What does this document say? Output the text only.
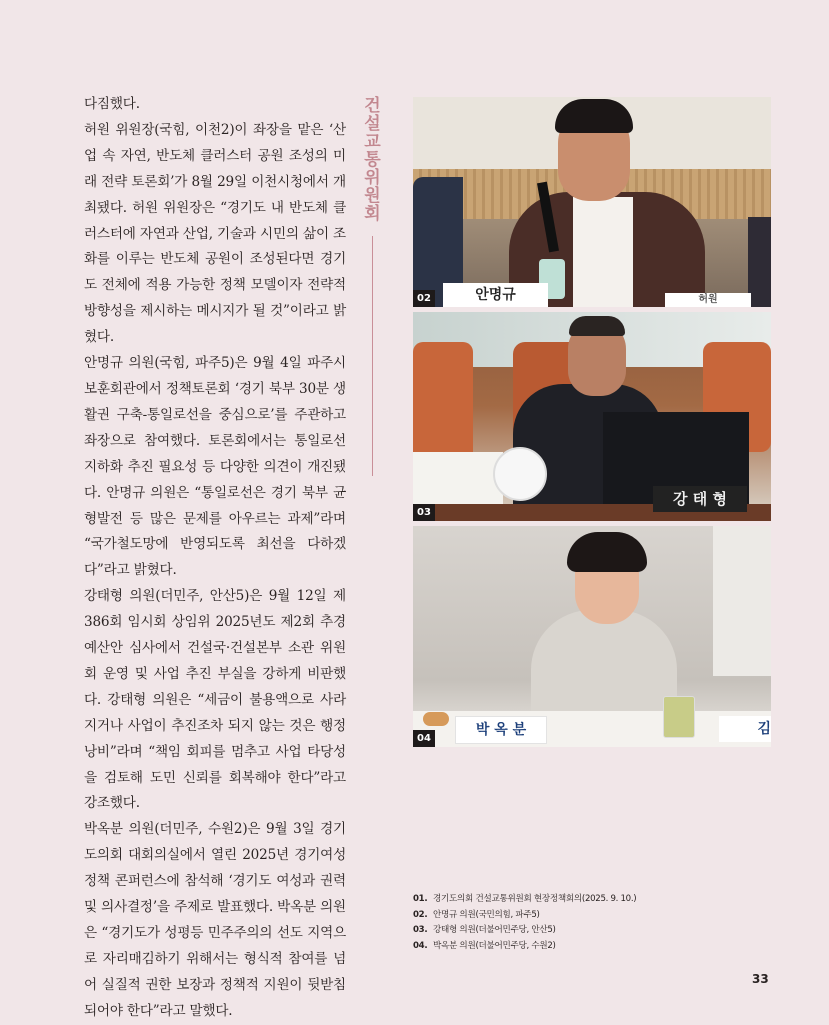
다짐했다.

허원 위원장(국힘, 이천2)이 좌장을 맡은 ‘산업 속 자연, 반도체 클러스터 공원 조성의 미래 전략 토론회’가 8월 29일 이천시청에서 개최됐다. 허원 위원장은 “경기도 내 반도체 클러스터에 자연과 산업, 기술과 시민의 삶이 조화를 이루는 반도체 공원이 조성된다면 경기도 전체에 적용 가능한 정책 모델이자 전략적 방향성을 제시하는 메시지가 될 것”이라고 밝혔다.

안명규 의원(국힘, 파주5)은 9월 4일 파주시 보훈회관에서 정책토론회 ‘경기 북부 30분 생활권 구축-통일로선을 중심으로’를 주관하고 좌장으로 참여했다. 토론회에서는 통일로선 지하화 추진 필요성 등 다양한 의견이 개진됐다. 안명규 의원은 “통일로선은 경기 북부 균형발전 등 많은 문제를 아우르는 과제”라며 “국가철도망에 반영되도록 최선을 다하겠다”라고 밝혔다.

강태형 의원(더민주, 안산5)은 9월 12일 제386회 임시회 상임위 2025년도 제2회 추경예산안 심사에서 건설국·건설본부 소관 위원회 운영 및 사업 추진 부실을 강하게 비판했다. 강태형 의원은 “세금이 불용액으로 사라지거나 사업이 추진조차 되지 않는 것은 행정낭비”라며 “책임 회피를 멈추고 사업 타당성을 검토해 도민 신뢰를 회복해야 한다”라고 강조했다.

박옥분 의원(더민주, 수원2)은 9월 3일 경기도의회 대회의실에서 열린 2025년 경기여성정책 콘퍼런스에 참석해 ‘경기도 여성과 권력 및 의사결정’을 주제로 발표했다. 박옥분 의원은 “경기도가 성평등 민주주의의 선도 지역으로 자리매김하기 위해서는 형식적 참여를 넘어 실질적 권한 보장과 정책적 지원이 뒷받침되어야 한다”라고 말했다.

건설교통위원회
안명규	허원
02
강 태 형
03
박 옥 분	김
04
01. 경기도의회 건설교통위원회 현장정책회의(2025. 9. 10.)
02. 안명규 의원(국민의힘, 파주5)
03. 강태형 의원(더불어민주당, 안산5)
04. 박옥분 의원(더불어민주당, 수원2)
33
